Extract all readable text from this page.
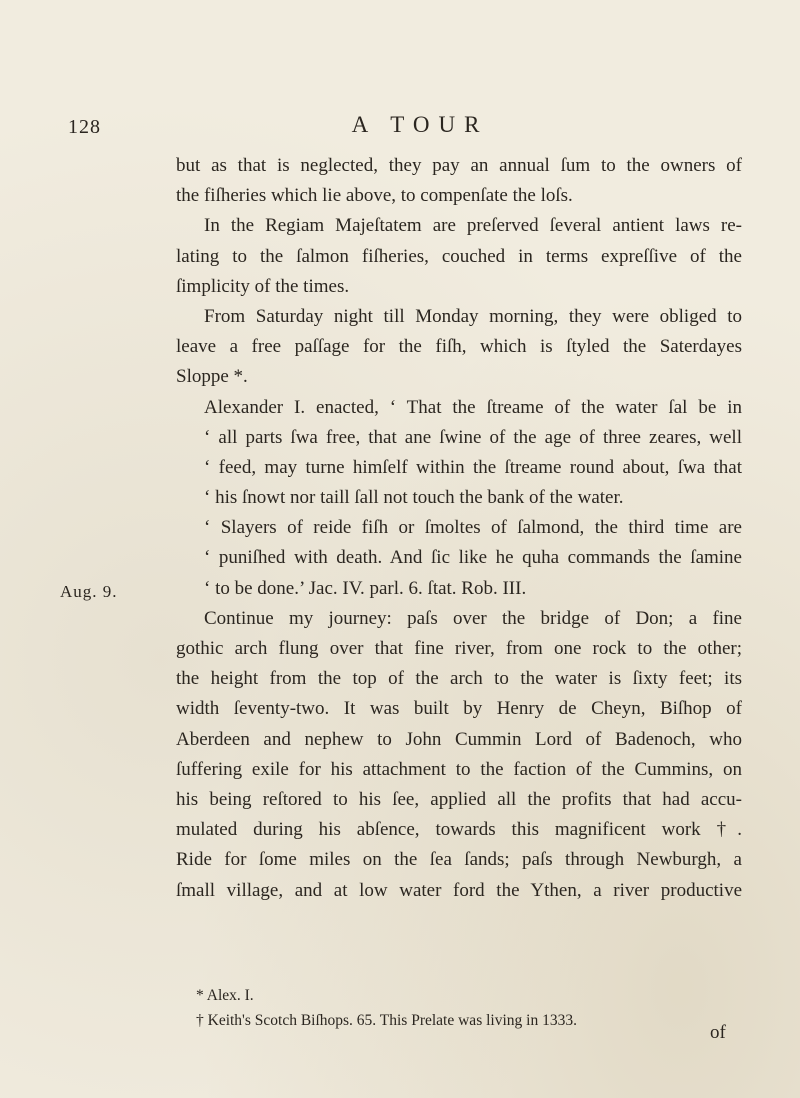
128	A TOUR
Aug. 9.
but as that is neglected, they pay an annual ſum to the owners of
the fiſheries which lie above, to compenſate the loſs.
In the Regiam Majeſtatem are preſerved ſeveral antient laws re-
lating to the ſalmon fiſheries, couched in terms expreſſive of the
ſimplicity of the times.
From Saturday night till Monday morning, they were obliged to
leave a free paſſage for the fiſh, which is ſtyled the Saterdayes
Sloppe *.
Alexander I. enacted, ‘ That the ſtreame of the water ſal be in
‘ all parts ſwa free, that ane ſwine of the age of three zeares, well
‘ feed, may turne himſelf within the ſtreame round about, ſwa that
‘ his ſnowt nor taill ſall not touch the bank of the water.
‘ Slayers of reide fiſh or ſmoltes of ſalmond, the third time are
‘ puniſhed with death. And ſic like he quha commands the ſamine
‘ to be done.’ Jac. IV. parl. 6. ſtat. Rob. III.
Continue my journey: paſs over the bridge of Don; a fine
gothic arch flung over that fine river, from one rock to the other;
the height from the top of the arch to the water is ſixty feet; its
width ſeventy-two. It was built by Henry de Cheyn, Biſhop of
Aberdeen and nephew to John Cummin Lord of Badenoch, who
ſuffering exile for his attachment to the faction of the Cummins, on
his being reſtored to his ſee, applied all the profits that had accu-
mulated during his abſence, towards this magnificent work †.
Ride for ſome miles on the ſea ſands; paſs through Newburgh, a
ſmall village, and at low water ford the Ythen, a river productive
* Alex. I.
† Keith's Scotch Biſhops. 65. This Prelate was living in 1333.
of
